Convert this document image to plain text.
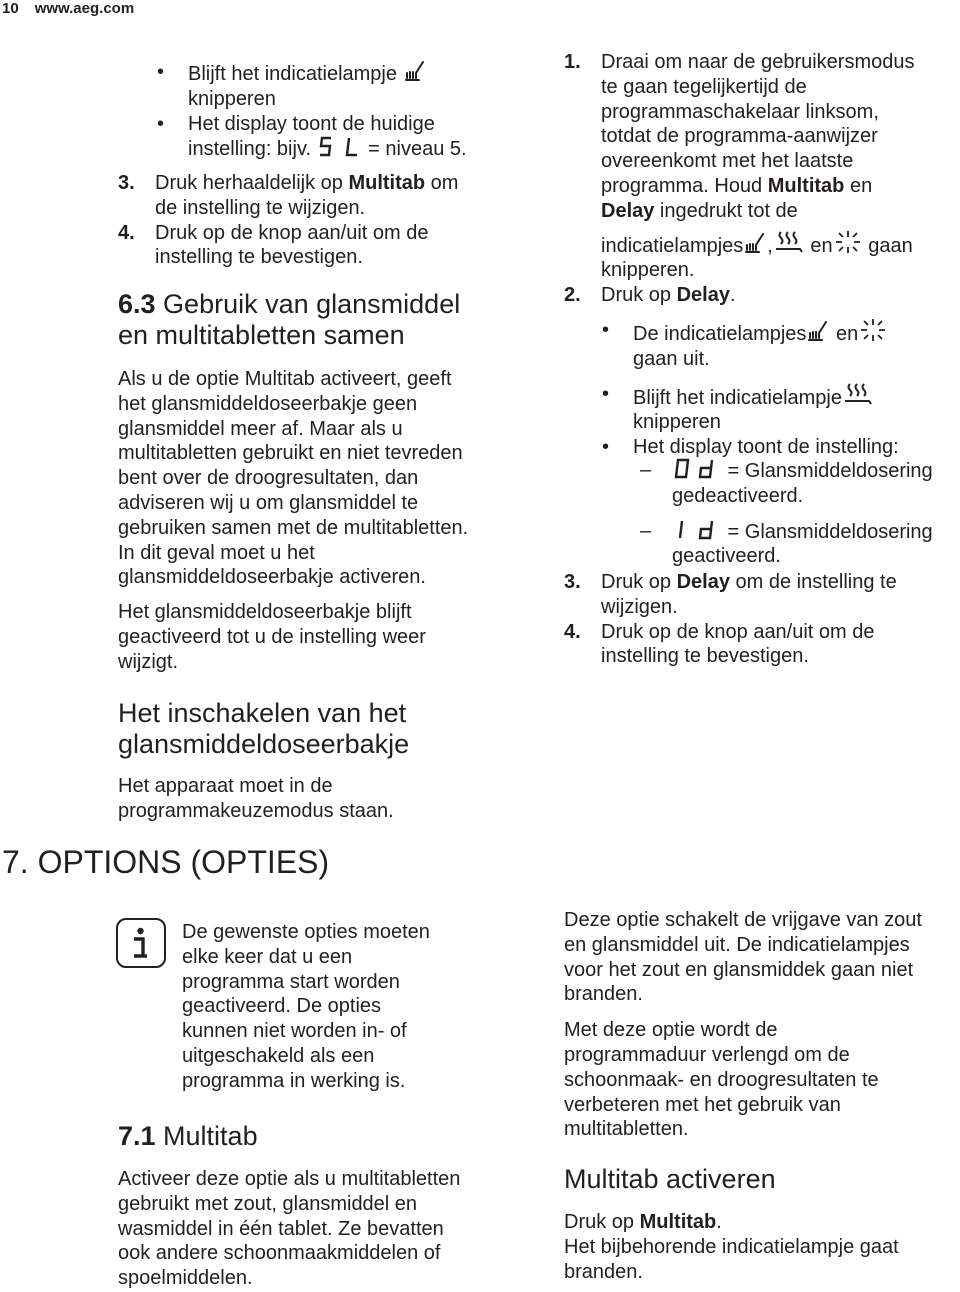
10 www.aeg.com
• Blijft het indicatielampje
knipperen
• Het display toont de huidige
instelling: bijv.	= niveau 5.
3. Druk herhaaldelijk op Multitab om
de instelling te wijzigen.
4. Druk op de knop aan/uit om de
instelling te bevestigen.
6.3 Gebruik van glansmiddel
en multitabletten samen

Als u de optie Multitab activeert, geeft
het glansmiddeldoseerbakje geen
glansmiddel meer af. Maar als u
multitabletten gebruikt en niet tevreden
bent over de droogresultaten, dan
adviseren wij u om glansmiddel te
gebruiken samen met de multitabletten.
In dit geval moet u het
glansmiddeldoseerbakje activeren.

Het glansmiddeldoseerbakje blijft
geactiveerd tot u de instelling weer
wijzigt.

Het inschakelen van het
glansmiddeldoseerbakje
Het apparaat moet in de
programmakeuzemodus staan.
1. Draai om naar de gebruikersmodus
te gaan tegelijkertijd de
programmaschakelaar linksom,
totdat de programma-aanwijzer
overeenkomt met het laatste
programma. Houd Multitab en
Delay ingedrukt tot de
indicatielampjes , en gaan
knipperen.
2. Druk op Delay.
• De indicatielampjes en
gaan uit.
• Blijft het indicatielampje
knipperen
• Het display toont de instelling:
–	= Glansmiddeldosering
gedeactiveerd.
–	= Glansmiddeldosering
geactiveerd.
3. Druk op Delay om de instelling te
wijzigen.
4. Druk op de knop aan/uit om de
instelling te bevestigen.
7. OPTIONS (OPTIES)
De gewenste opties moeten
elke keer dat u een
programma start worden
geactiveerd. De opties
kunnen niet worden in- of
uitgeschakeld als een
programma in werking is.
7.1 Multitab
Activeer deze optie als u multitabletten
gebruikt met zout, glansmiddel en
wasmiddel in één tablet. Ze bevatten
ook andere schoonmaakmiddelen of
spoelmiddelen.

Deze optie schakelt de vrijgave van zout
en glansmiddel uit. De indicatielampjes
voor het zout en glansmiddek gaan niet
branden.

Met deze optie wordt de
programmaduur verlengd om de
schoonmaak- en droogresultaten te
verbeteren met het gebruik van
multitabletten.

Multitab activeren
Druk op Multitab.
Het bijbehorende indicatielampje gaat
branden.
